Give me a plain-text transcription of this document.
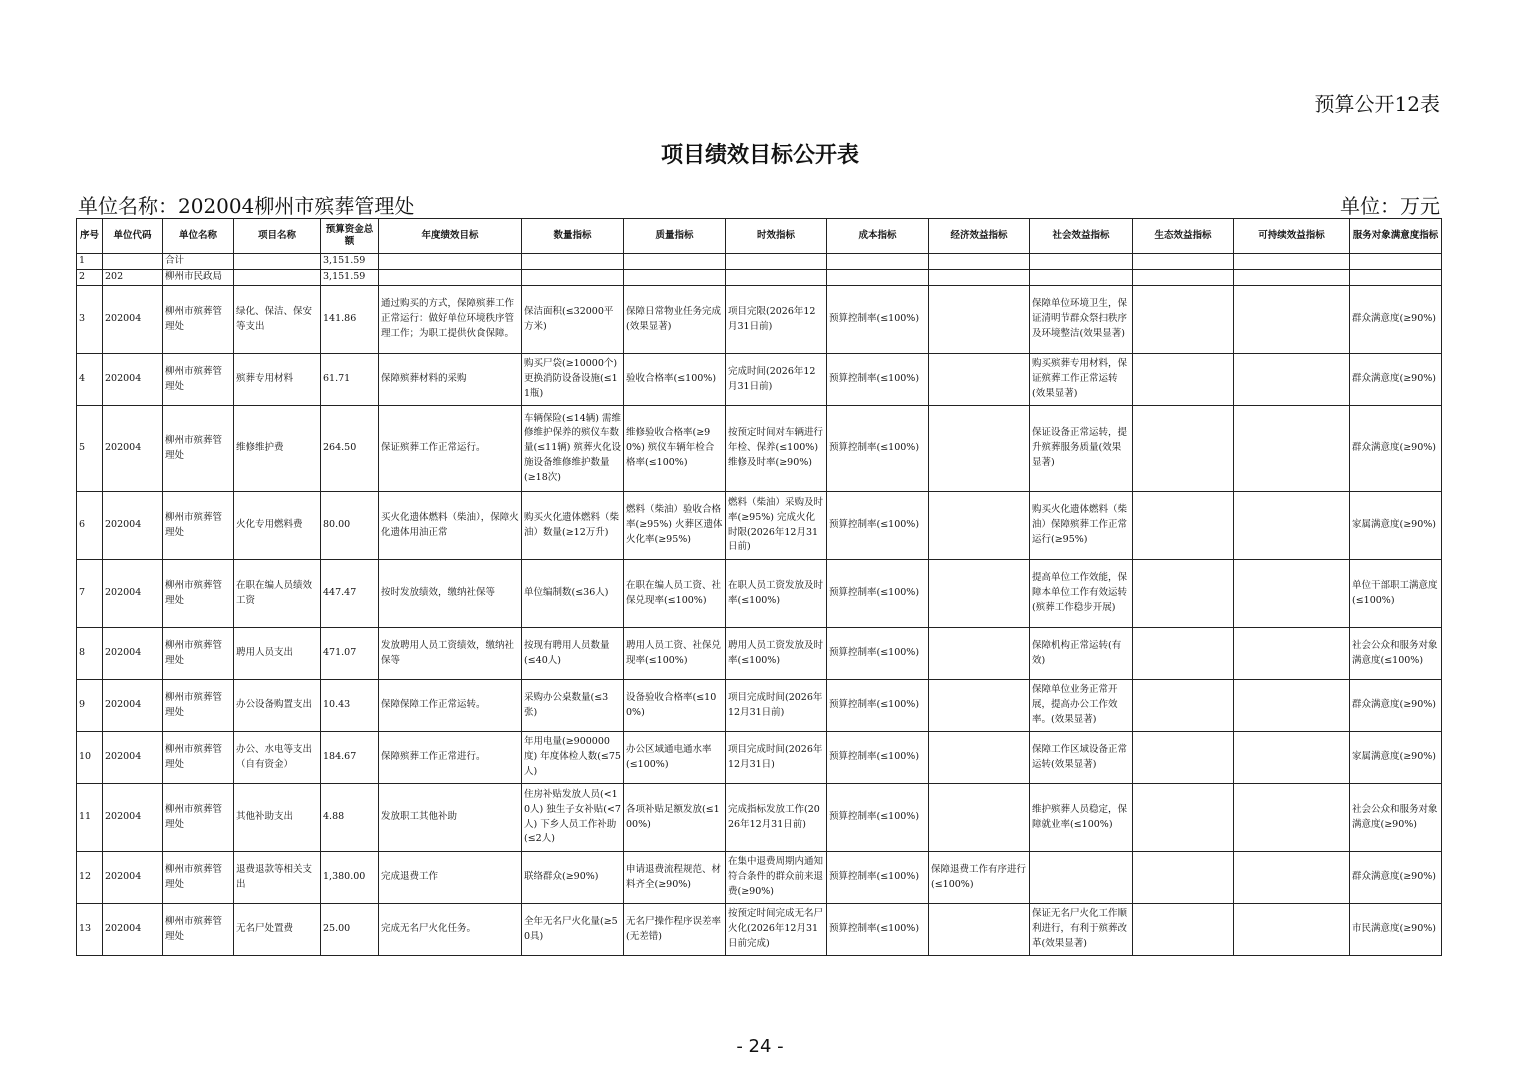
预算公开12表
项目绩效目标公开表
单位名称：202004柳州市殡葬管理处	单位：万元
序号	单位代码	单位名称	项目名称	预算资金总额	年度绩效目标	数量指标	质量指标	时效指标	成本指标	经济效益指标	社会效益指标	生态效益指标	可持续效益指标	服务对象满意度指标
1		合计		3,151.59										
2	202	柳州市民政局		3,151.59										
3	202004	柳州市殡葬管理处	绿化、保洁、保安等支出	141.86	通过购买的方式，保障殡葬工作正常运行：做好单位环境秩序管理工作；为职工提供伙食保障。	保洁面积(≤32000平方米)	保障日常物业任务完成(效果显著)	项目完限(2026年12月31日前)	预算控制率(≤100%)		保障单位环境卫生，保证清明节群众祭扫秩序及环境整洁(效果显著)			群众满意度(≥90%)
4	202004	柳州市殡葬管理处	殡葬专用材料	61.71	保障殡葬材料的采购	购买尸袋(≥10000个) 更换消防设备设施(≤11瓶)	验收合格率(≤100%)	完成时间(2026年12月31日前)	预算控制率(≤100%)		购买殡葬专用材料，保证殡葬工作正常运转(效果显著)			群众满意度(≥90%)
5	202004	柳州市殡葬管理处	维修维护费	264.50	保证殡葬工作正常运行。	车辆保险(≤14辆) 需维修维护保养的殡仪车数量(≤11辆) 殡葬火化设施设备维修维护数量(≥18次)	维修验收合格率(≥90%) 殡仪车辆年检合格率(≤100%)	按预定时间对车辆进行年检、保养(≤100%) 维修及时率(≥90%)	预算控制率(≤100%)		保证设备正常运转，提升殡葬服务质量(效果显著)			群众满意度(≥90%)
6	202004	柳州市殡葬管理处	火化专用燃料费	80.00	买火化遗体燃料（柴油），保障火化遗体用油正常	购买火化遗体燃料（柴油）数量(≥12万升)	燃料（柴油）验收合格率(≥95%) 火葬区遗体火化率(≥95%)	燃料（柴油）采购及时率(≥95%) 完成火化时限(2026年12月31日前)	预算控制率(≤100%)		购买火化遗体燃料（柴油）保障殡葬工作正常运行(≥95%)			家属满意度(≥90%)
7	202004	柳州市殡葬管理处	在职在编人员绩效工资	447.47	按时发放绩效，缴纳社保等	单位编制数(≤36人)	在职在编人员工资、社保兑现率(≤100%)	在职人员工资发放及时率(≤100%)	预算控制率(≤100%)		提高单位工作效能，保障本单位工作有效运转(殡葬工作稳步开展)			单位干部职工满意度(≤100%)
8	202004	柳州市殡葬管理处	聘用人员支出	471.07	发放聘用人员工资绩效，缴纳社保等	按现有聘用人员数量(≤40人)	聘用人员工资、社保兑现率(≤100%)	聘用人员工资发放及时率(≤100%)	预算控制率(≤100%)		保障机构正常运转(有效)			社会公众和服务对象满意度(≤100%)
9	202004	柳州市殡葬管理处	办公设备购置支出	10.43	保障保障工作正常运转。	采购办公桌数量(≤3张)	设备验收合格率(≤100%)	项目完成时间(2026年12月31日前)	预算控制率(≤100%)		保障单位业务正常开展，提高办公工作效率。(效果显著)			群众满意度(≥90%)
10	202004	柳州市殡葬管理处	办公、水电等支出（自有资金）	184.67	保障殡葬工作正常进行。	年用电量(≥900000度) 年度体检人数(≤75人)	办公区域通电通水率(≤100%)	项目完成时间(2026年12月31日)	预算控制率(≤100%)		保障工作区域设备正常运转(效果显著)			家属满意度(≥90%)
11	202004	柳州市殡葬管理处	其他补助支出	4.88	发放职工其他补助	住房补贴发放人员(<10人) 独生子女补贴(<7人) 下乡人员工作补助(≤2人)	各项补贴足额发放(≤100%)	完成指标发放工作(2026年12月31日前)	预算控制率(≤100%)		维护殡葬人员稳定，保障就业率(≤100%)			社会公众和服务对象满意度(≥90%)
12	202004	柳州市殡葬管理处	退费退款等相关支出	1,380.00	完成退费工作	联络群众(≥90%)	申请退费流程规范、材料齐全(≥90%)	在集中退费周期内通知符合条件的群众前来退费(≥90%)	预算控制率(≤100%)	保障退费工作有序进行(≤100%)				群众满意度(≥90%)
13	202004	柳州市殡葬管理处	无名尸处置费	25.00	完成无名尸火化任务。	全年无名尸火化量(≥50具)	无名尸操作程序误差率(无差错)	按预定时间完成无名尸火化(2026年12月31日前完成)	预算控制率(≤100%)		保证无名尸火化工作顺利进行，有利于殡葬改革(效果显著)			市民满意度(≥90%)
- 24 -
